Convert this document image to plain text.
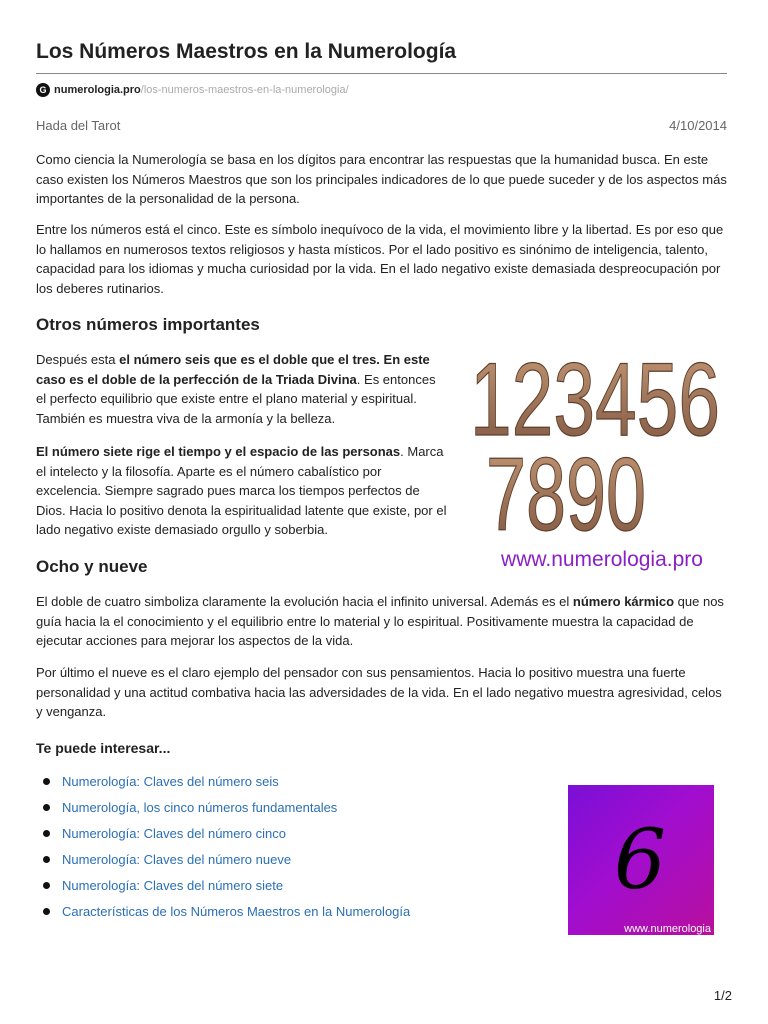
Los Números Maestros en la Numerología
G numerologia.pro/los-numeros-maestros-en-la-numerologia/
Hada del Tarot	4/10/2014

Como ciencia la Numerología se basa en los dígitos para encontrar las respuestas que la humanidad busca. En este caso existen los Números Maestros que son los principales indicadores de lo que puede suceder y de los aspectos más importantes de la personalidad de la persona.

Entre los números está el cinco. Este es símbolo inequívoco de la vida, el movimiento libre y la libertad. Es por eso que lo hallamos en numerosos textos religiosos y hasta místicos. Por el lado positivo es sinónimo de inteligencia, talento, capacidad para los idiomas y mucha curiosidad por la vida. En el lado negativo existe demasiada despreocupación por los deberes rutinarios.

Otros números importantes

Después esta el número seis que es el doble que el tres. En este caso es el doble de la perfección de la Triada Divina. Es entonces el perfecto equilibrio que existe entre el plano material y espiritual. También es muestra viva de la armonía y la belleza.

El número siete rige el tiempo y el espacio de las personas. Marca el intelecto y la filosofía. Aparte es el número cabalístico por excelencia. Siempre sagrado pues marca los tiempos perfectos de Dios. Hacia lo positivo denota la espiritualidad latente que existe, por el lado negativo existe demasiado orgullo y soberbia.

123456
7890
www.numerologia.pro
Ocho y nueve

El doble de cuatro simboliza claramente la evolución hacia el infinito universal. Además es el número kármico que nos guía hacia la el conocimiento y el equilibrio entre lo material y lo espiritual. Positivamente muestra la capacidad de ejecutar acciones para mejorar los aspectos de la vida.

Por último el nueve es el claro ejemplo del pensador con sus pensamientos. Hacia lo positivo muestra una fuerte personalidad y una actitud combativa hacia las adversidades de la vida. En el lado negativo muestra agresividad, celos y venganza.

Te puede interesar...
Numerología: Claves del número seis
Numerología, los cinco números fundamentales
Numerología: Claves del número cinco
Numerología: Claves del número nueve
Numerología: Claves del número siete
Características de los Números Maestros en la Numerología
6
www.numerologia
1/2
